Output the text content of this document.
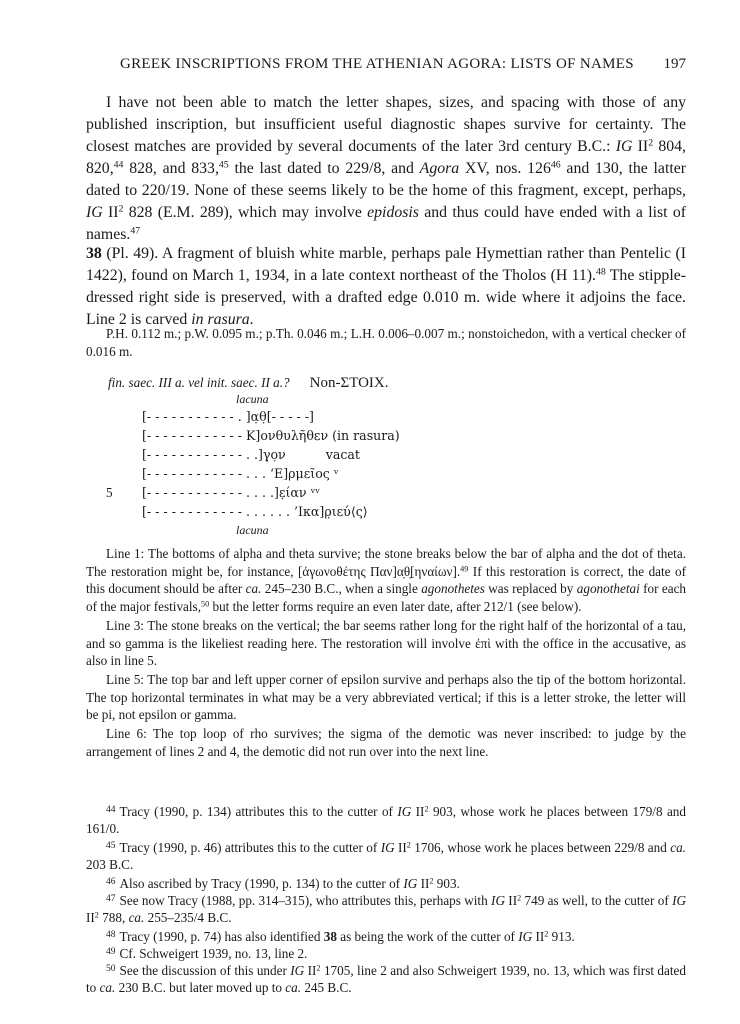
GREEK INSCRIPTIONS FROM THE ATHENIAN AGORA: LISTS OF NAMES 197

I have not been able to match the letter shapes, sizes, and spacing with those of any published inscription, but insufficient useful diagnostic shapes survive for certainty. The closest matches are provided by several documents of the later 3rd century B.C.: IG $II^2$ 804, 820,44 828, and 833,45 the last dated to 229/8, and Agora XV, nos. $126^{46}$ and 130, the latter dated to 220/19. None of these seems likely to be the home of this fragment, except, perhaps, IG $II^2$ 828 (E.M. 289), which may involve epidosis and thus could have ended with a list of names.$^{47}$

38 (Pl. 49). A fragment of bluish white marble, perhaps pale Hymettian rather than Pentelic (I 1422), found on March 1, 1934, in a late context northeast of the Tholos (H 11).$^{48}$ The stipple-dressed right side is preserved, with a drafted edge 0.010 m. wide where it adjoins the face. Line 2 is carved in rasura.

P.H. 0.112 m.; p.W. 0.095 m.; p.Th. 0.046 m.; L.H. 0.006–0.007 m.; nonstoichedon, with a vertical checker of 0.016 m.

fin. saec. III a. vel init. saec. II a.? Non-ΣΤΟΙΧ.
lacuna
[- - - - - - - - - - - . ]α̣θ̣[- - - - -]
[- - - - - - - - - - - - K]ονθυλῆθεν (in rasura)
[- - - - - - - - - - - - . .]γ̣ο̣ν          vacat
[- - - - - - - - - - - - . . . ‘Ε]ρμεῖος ᵛ
5 [- - - - - - - - - - - - . . . .]ε̣ίαν ᵛᵛ
[- - - - - - - - - - - - . . . . . . ’Ικα]ρ̣ιεύ⟨ς⟩
lacuna

Line 1: The bottoms of alpha and theta survive; the stone breaks below the bar of alpha and the dot of theta. The restoration might be, for instance, [ἀγωνοθέτης Παν]α̣θ̣[ηναίων].$^{49}$ If this restoration is correct, the date of this document should be after ca. 245–230 B.C., when a single agonothetes was replaced by agonothetai for each of the major festivals,$^{50}$ but the letter forms require an even later date, after 212/1 (see below).

Line 3: The stone breaks on the vertical; the bar seems rather long for the right half of the horizontal of a tau, and so gamma is the likeliest reading here. The restoration will involve ἐπὶ with the office in the accusative, as also in line 5.

Line 5: The top bar and left upper corner of epsilon survive and perhaps also the tip of the bottom horizontal. The top horizontal terminates in what may be a very abbreviated vertical; if this is a letter stroke, the letter will be pi, not epsilon or gamma.

Line 6: The top loop of rho survives; the sigma of the demotic was never inscribed: to judge by the arrangement of lines 2 and 4, the demotic did not run over into the next line.

$^{44}$ Tracy (1990, p. 134) attributes this to the cutter of IG $II^2$ 903, whose work he places between 179/8 and 161/0.

$^{45}$ Tracy (1990, p. 46) attributes this to the cutter of IG $II^2$ 1706, whose work he places between 229/8 and ca. 203 B.C.

$^{46}$ Also ascribed by Tracy (1990, p. 134) to the cutter of IG $II^2$ 903.

$^{47}$ See now Tracy (1988, pp. 314–315), who attributes this, perhaps with IG $II^2$ 749 as well, to the cutter of IG $II^2$ 788, ca. 255–235/4 B.C.

$^{48}$ Tracy (1990, p. 74) has also identified 38 as being the work of the cutter of IG $II^2$ 913.

$^{49}$ Cf. Schweigert 1939, no. 13, line 2.

$^{50}$ See the discussion of this under IG $II^2$ 1705, line 2 and also Schweigert 1939, no. 13, which was first dated to ca. 230 B.C. but later moved up to ca. 245 B.C.
